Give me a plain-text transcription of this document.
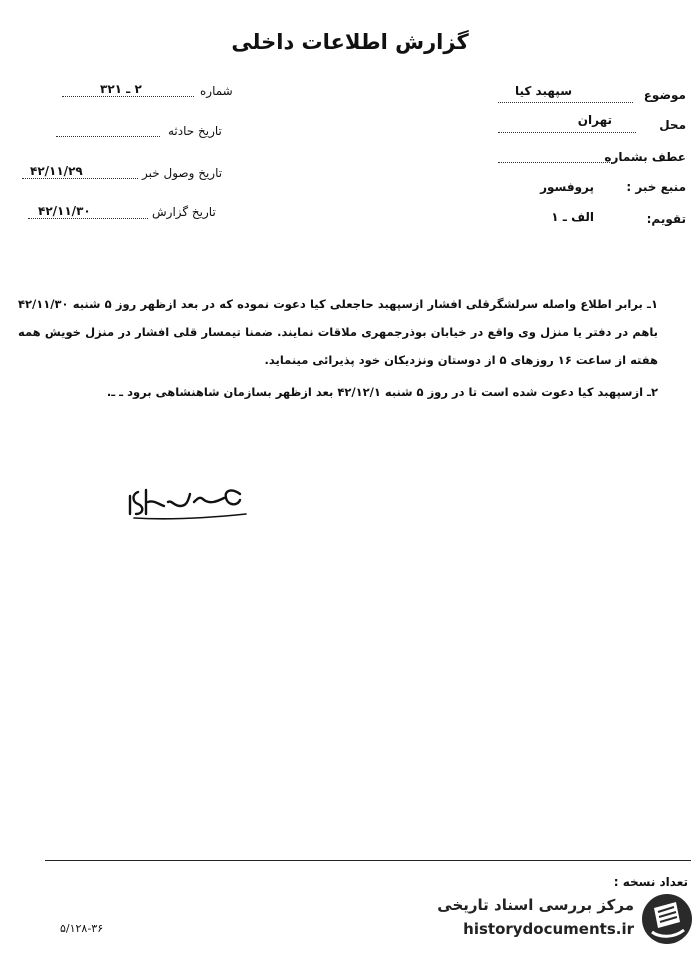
گزارش اطلاعات داخلی
موضوع
سپهبد کیا
محل
تهران
عطف بشماره
منبع خبر :
پروفسور
تقویم:
الف ـ ۱
شماره
۲ ـ ۳۲۱
تاریخ حادثه
تاریخ وصول خبر
۴۲/۱۱/۲۹
تاریخ گزارش
۴۲/۱۱/۳۰

۱ـ برابر اطلاع واصله سرلشگرقلی افشار ازسپهبد حاجعلی کیا دعوت نموده که در بعد ازظهر روز ۵ شنبه ۴۲/۱۱/۳۰ باهم در دفتر یا منزل وی واقع در خیابان بوذرجمهری ملاقات نمایند. ضمنا تیمسار قلی افشار در منزل خویش همه هفته از ساعت ۱۶ روزهای ۵ از دوستان ونزدیکان خود پذیرائی مینماید.

۲ـ ازسپهبد کیا دعوت شده است تا در روز ۵ شنبه ۴۲/۱۲/۱ بعد ازظهر بسازمان شاهنشاهی برود ـ ـ.

تعداد نسخه :
۵/۱۲۸-۳۶
مرکز بررسی اسناد تاریخی
historydocuments.ir
